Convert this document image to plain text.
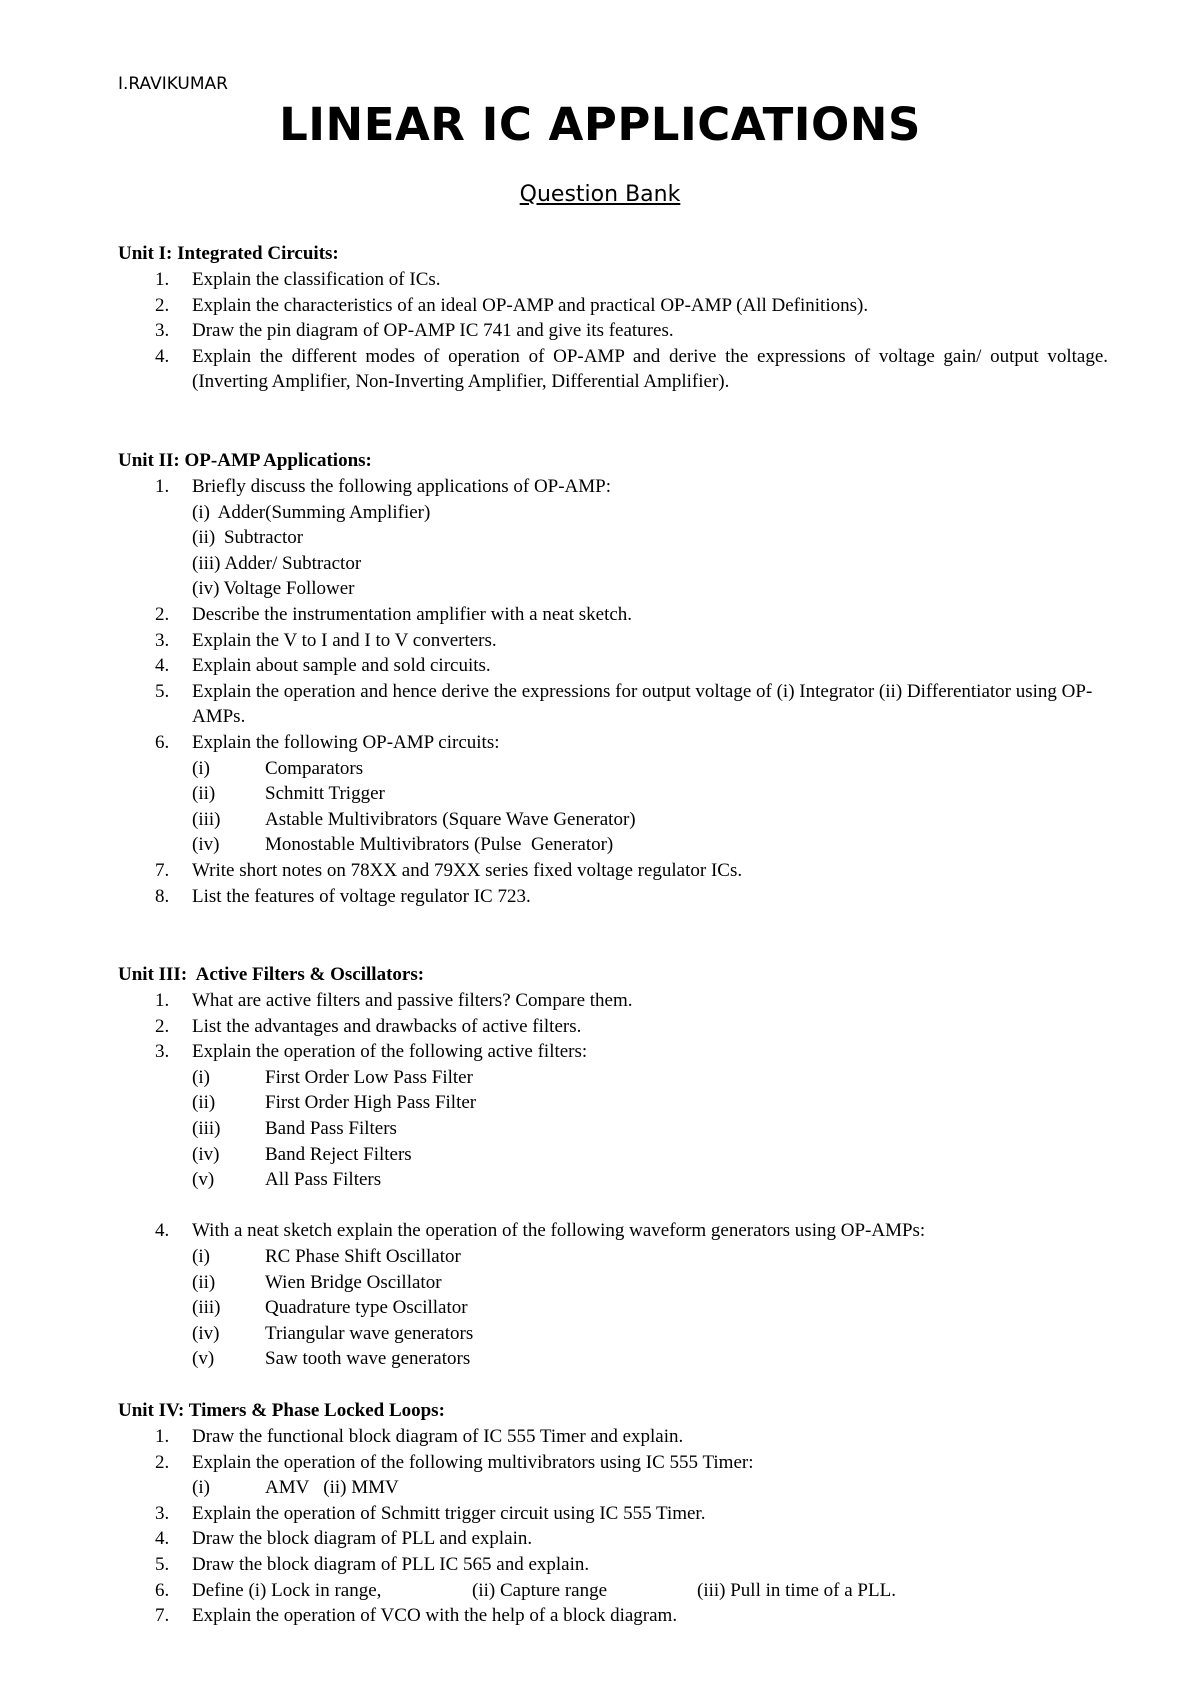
I.RAVIKUMAR
LINEAR IC APPLICATIONS
Question Bank
Unit I: Integrated Circuits:
1. Explain the classification of ICs.
2. Explain the characteristics of an ideal OP-AMP and practical OP-AMP (All Definitions).
3. Draw the pin diagram of OP-AMP IC 741 and give its features.
4. Explain the different modes of operation of OP-AMP and derive the expressions of voltage gain/ output voltage. (Inverting Amplifier, Non-Inverting Amplifier, Differential Amplifier).
Unit II: OP-AMP Applications:
1. Briefly discuss the following applications of OP-AMP:
(i) Adder(Summing Amplifier)
(ii) Subtractor
(iii) Adder/ Subtractor
(iv) Voltage Follower
2. Describe the instrumentation amplifier with a neat sketch.
3. Explain the V to I and I to V converters.
4. Explain about sample and sold circuits.
5. Explain the operation and hence derive the expressions for output voltage of (i) Integrator (ii) Differentiator using OP-AMPs.
6. Explain the following OP-AMP circuits:
(i)	Comparators
(ii)	Schmitt Trigger
(iii) Astable Multivibrators (Square Wave Generator)
(iv) Monostable Multivibrators (Pulse  Generator)
7. Write short notes on 78XX and 79XX series fixed voltage regulator ICs.
8. List the features of voltage regulator IC 723.
Unit III:  Active Filters & Oscillators:
1. What are active filters and passive filters? Compare them.
2. List the advantages and drawbacks of active filters.
3. Explain the operation of the following active filters:
(i)	First Order Low Pass Filter
(ii)	First Order High Pass Filter
(iii) Band Pass Filters
(iv) Band Reject Filters
(v)	All Pass Filters
4. With a neat sketch explain the operation of the following waveform generators using OP-AMPs:
(i)	RC Phase Shift Oscillator
(ii)	Wien Bridge Oscillator
(iii) Quadrature type Oscillator
(iv) Triangular wave generators
(v)	Saw tooth wave generators
Unit IV: Timers & Phase Locked Loops:
1. Draw the functional block diagram of IC 555 Timer and explain.
2. Explain the operation of the following multivibrators using IC 555 Timer:
(i)	AMV   (ii) MMV
3. Explain the operation of Schmitt trigger circuit using IC 555 Timer.
4. Draw the block diagram of PLL and explain.
5. Draw the block diagram of PLL IC 565 and explain.
6. Define (i) Lock in range,	(ii) Capture range	(iii) Pull in time of a PLL.
7. Explain the operation of VCO with the help of a block diagram.
